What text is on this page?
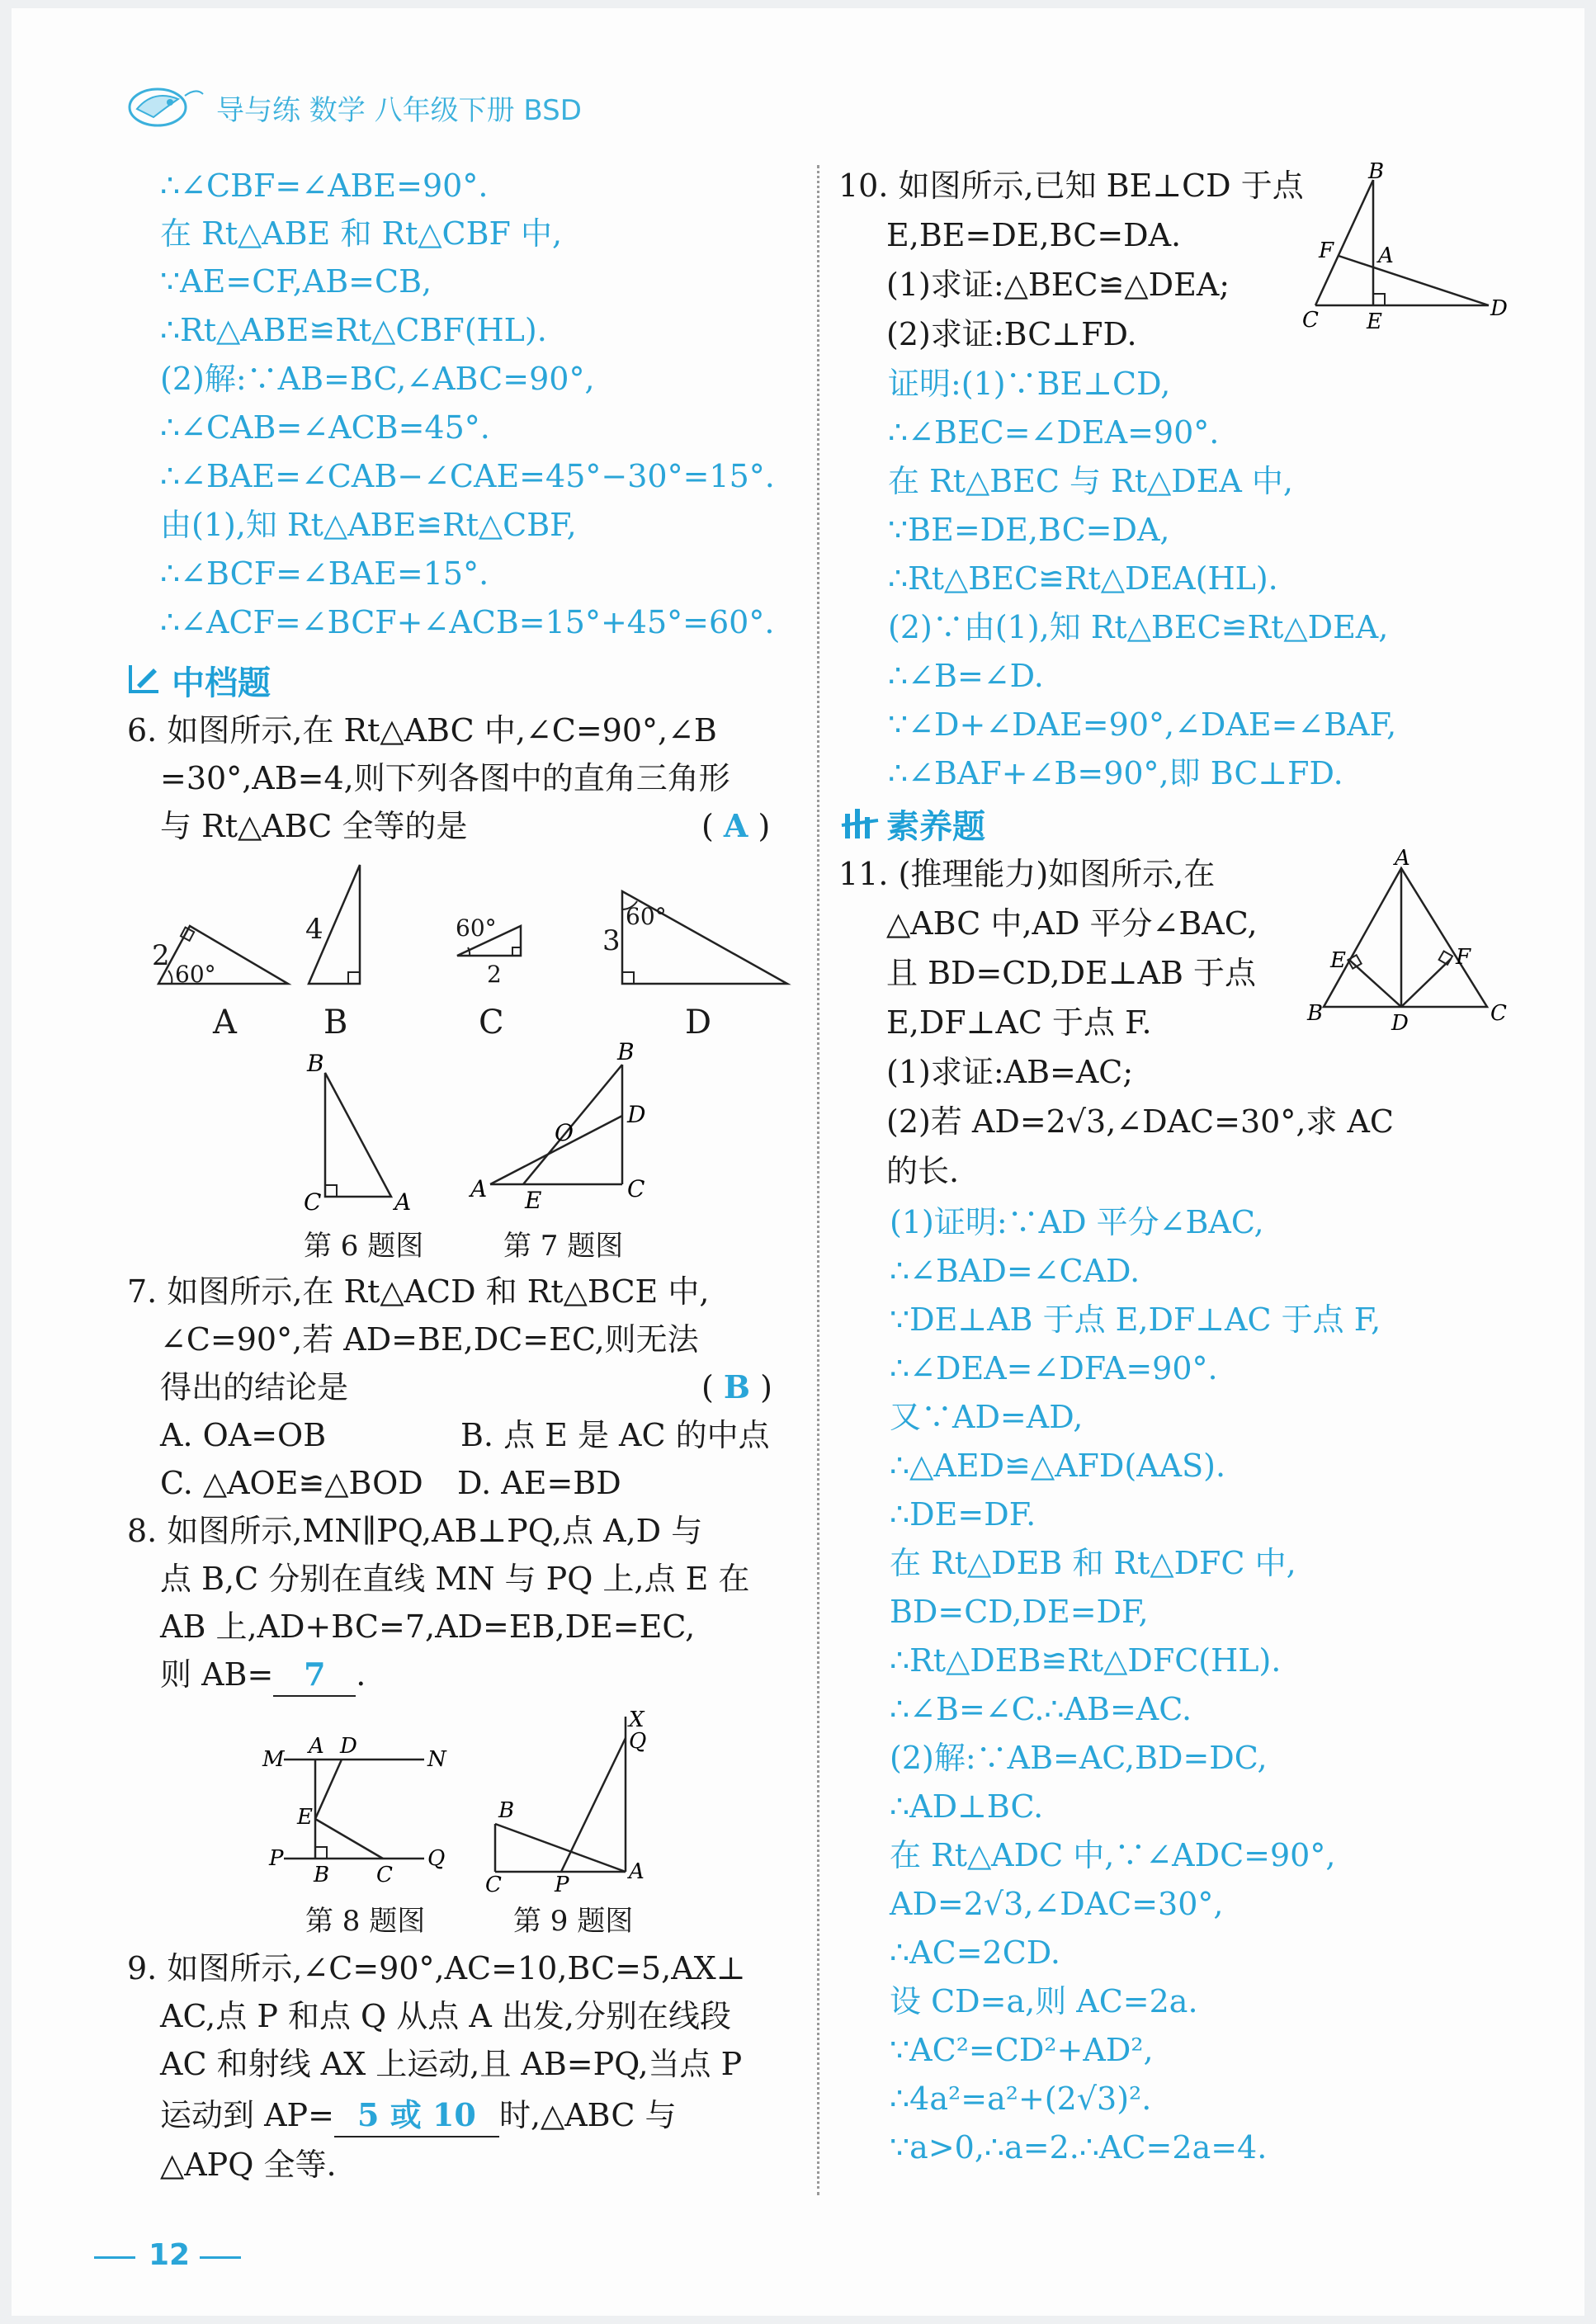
导与练 数学 八年级下册 BSD
∴∠CBF=∠ABE=90°.
在 Rt△ABE 和 Rt△CBF 中,
∵AE=CF,AB=CB,
∴Rt△ABE≌Rt△CBF(HL).
(2)解:∵AB=BC,∠ABC=90°,
∴∠CAB=∠ACB=45°.
∴∠BAE=∠CAB−∠CAE=45°−30°=15°.
由(1),知 Rt△ABE≌Rt△CBF,
∴∠BCF=∠BAE=15°.
∴∠ACF=∠BCF+∠ACB=15°+45°=60°.
中档题
6. 如图所示,在 Rt△ABC 中,∠C=90°,∠B
=30°,AB=4,则下列各图中的直角三角形
与 Rt△ABC 全等的是	( A )
2
60°
4	60°
2
3
60°
A	B	C	D
B
C	A
B
D
O
A E	C
第 6 题图	第 7 题图
7. 如图所示,在 Rt△ACD 和 Rt△BCE 中,
∠C=90°,若 AD=BE,DC=EC,则无法
得出的结论是	( B )
A. OA=OB	B. 点 E 是 AC 的中点
C. △AOE≌△BOD D. AE=BD
8. 如图所示,MN∥PQ,AB⊥PQ,点 A,D 与
点 B,C 分别在直线 MN 与 PQ 上,点 E 在
AB 上,AD+BC=7,AD=EB,DE=EC,
则 AB= 7 .
M
A D
N
E
P
B C
Q
X
Q
B
C P
A
第 8 题图	第 9 题图
9. 如图所示,∠C=90°,AC=10,BC=5,AX⊥
AC,点 P 和点 Q 从点 A 出发,分别在线段
AC 和射线 AX 上运动,且 AB=PQ,当点 P
运动到 AP= 5 或 10 时,△ABC 与
△APQ 全等.
10. 如图所示,已知 BE⊥CD 于点
E,BE=DE,BC=DA.
(1)求证:△BEC≌△DEA;
(2)求证:BC⊥FD.
B
F A
C E
D
证明:(1)∵BE⊥CD,
∴∠BEC=∠DEA=90°.
在 Rt△BEC 与 Rt△DEA 中,
∵BE=DE,BC=DA,
∴Rt△BEC≌Rt△DEA(HL).
(2)∵由(1),知 Rt△BEC≌Rt△DEA,
∴∠B=∠D.
∵∠D+∠DAE=90°,∠DAE=∠BAF,
∴∠BAF+∠B=90°,即 BC⊥FD.
素养题
11. (推理能力)如图所示,在
△ABC 中,AD 平分∠BAC,
且 BD=CD,DE⊥AB 于点
E,DF⊥AC 于点 F.
(1)求证:AB=AC;
(2)若 AD=2√3,∠DAC=30°,求 AC
的长.
A
E	F
B	D	C
(1)证明:∵AD 平分∠BAC,
∴∠BAD=∠CAD.
∵DE⊥AB 于点 E,DF⊥AC 于点 F,
∴∠DEA=∠DFA=90°.
又∵AD=AD,
∴△AED≌△AFD(AAS).
∴DE=DF.
在 Rt△DEB 和 Rt△DFC 中,
BD=CD,DE=DF,
∴Rt△DEB≌Rt△DFC(HL).
∴∠B=∠C.∴AB=AC.
(2)解:∵AB=AC,BD=DC,
∴AD⊥BC.
在 Rt△ADC 中,∵∠ADC=90°,
AD=2√3,∠DAC=30°,
∴AC=2CD.
设 CD=a,则 AC=2a.
∵AC²=CD²+AD²,
∴4a²=a²+(2√3)².
∵a>0,∴a=2.∴AC=2a=4.
12
